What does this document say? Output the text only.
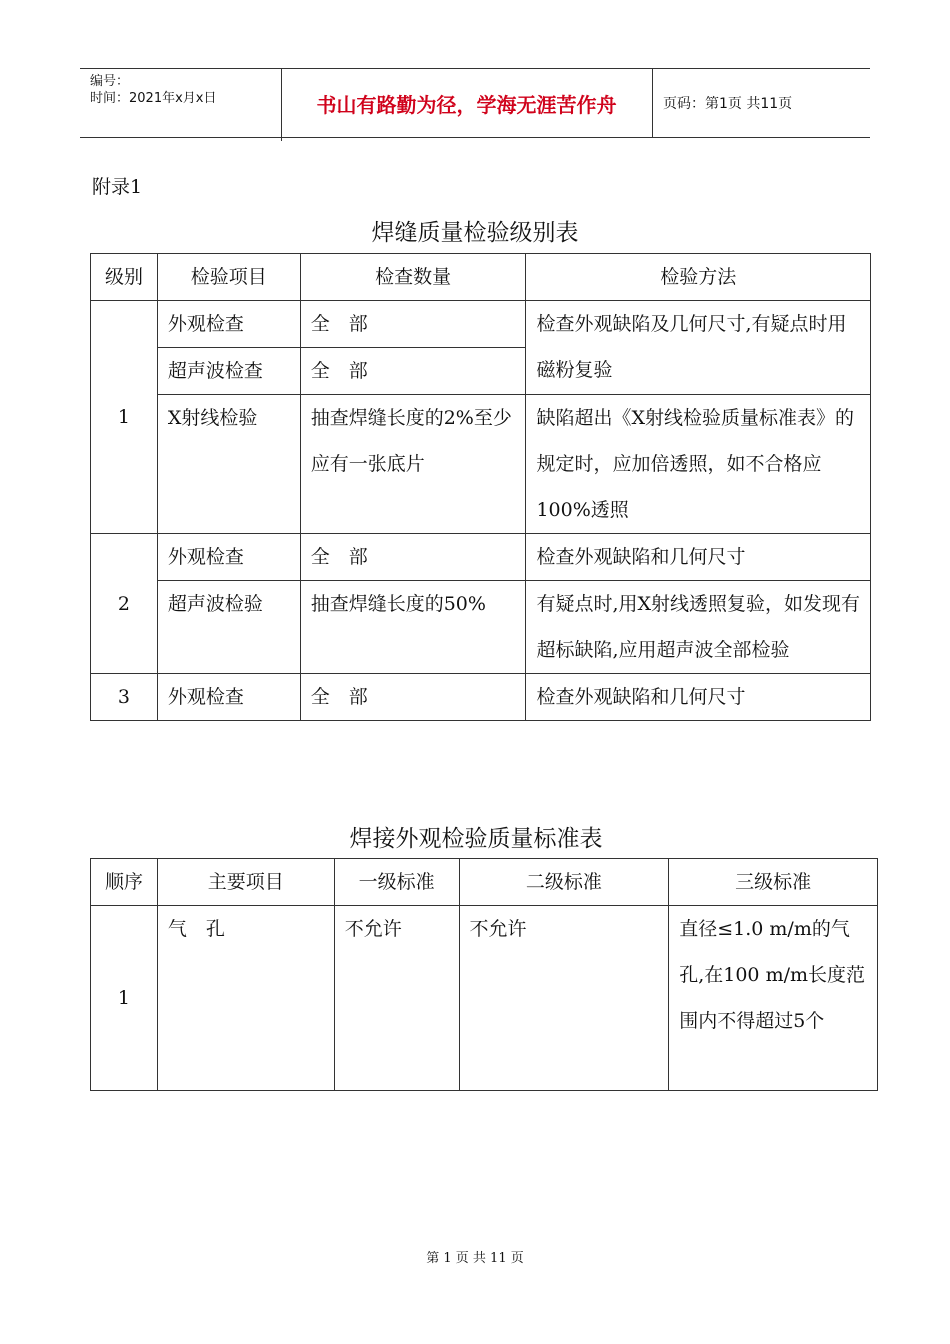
编号：
时间：2021年x月x日	书山有路勤为径，学海无涯苦作舟	页码：第1页 共11页
附录1
焊缝质量检验级别表
级别	检验项目	检查数量	检验方法
1	外观检查	全　部	检查外观缺陷及几何尺寸,有疑点时用磁粉复验
	超声波检查	全　部	
	X射线检验	抽查焊缝长度的2%至少应有一张底片	缺陷超出《X射线检验质量标准表》的规定时，应加倍透照，如不合格应100%透照
2	外观检查	全　部	检查外观缺陷和几何尺寸
	超声波检验	抽查焊缝长度的50%	有疑点时,用X射线透照复验，如发现有超标缺陷,应用超声波全部检验
3	外观检查	全　部	检查外观缺陷和几何尺寸
焊接外观检验质量标准表
顺序	主要项目	一级标准	二级标准	三级标准
1	气　孔	不允许	不允许	直径≤1.0 m/m的气孔,在100 m/m长度范围内不得超过5个
第 1 页 共 11 页
